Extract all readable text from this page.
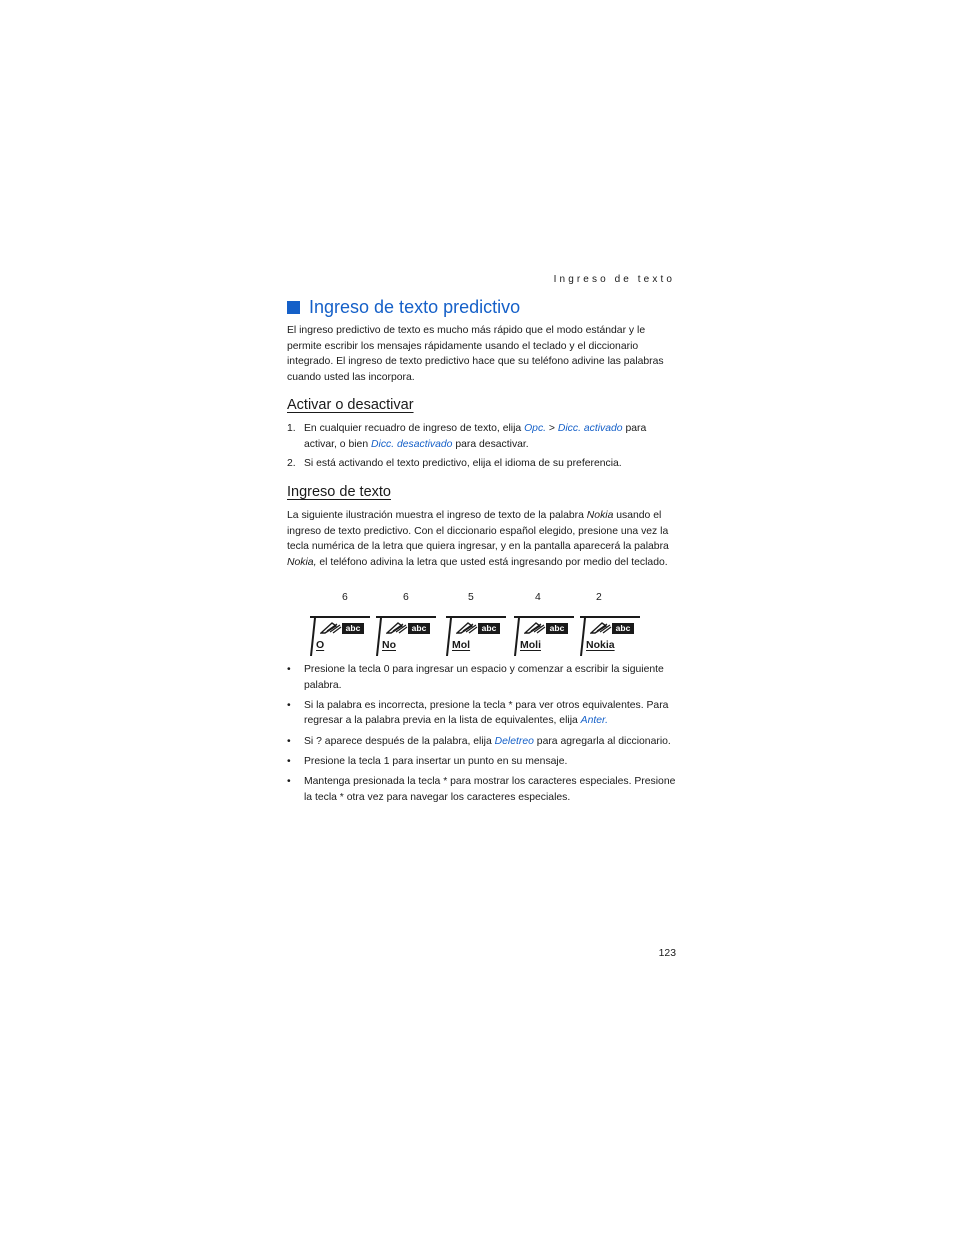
Ingreso de texto
Ingreso de texto predictivo

El ingreso predictivo de texto es mucho más rápido que el modo estándar y le permite escribir los mensajes rápidamente usando el teclado y el diccionario integrado. El ingreso de texto predictivo hace que su teléfono adivine las palabras cuando usted las incorpora.

Activar o desactivar
1. En cualquier recuadro de ingreso de texto, elija Opc. > Dicc. activado para activar, o bien Dicc. desactivado para desactivar.
2. Si está activando el texto predictivo, elija el idioma de su preferencia.
Ingreso de texto

La siguiente ilustración muestra el ingreso de texto de la palabra Nokia usando el ingreso de texto predictivo. Con el diccionario español elegido, presione una vez la tecla numérica de la letra que quiera ingresar, y en la pantalla aparecerá la palabra Nokia, el teléfono adivina la letra que usted está ingresando por medio del teclado.

6	6	5	4	2
abc
O
abc
No
abc
Mol
abc
Moli
abc
Nokia
• Presione la tecla 0 para ingresar un espacio y comenzar a escribir la siguiente palabra.
• Si la palabra es incorrecta, presione la tecla * para ver otros equivalentes. Para regresar a la palabra previa en la lista de equivalentes, elija Anter.
• Si ? aparece después de la palabra, elija Deletreo para agregarla al diccionario.
• Presione la tecla 1 para insertar un punto en su mensaje.
• Mantenga presionada la tecla * para mostrar los caracteres especiales. Presione la tecla * otra vez para navegar los caracteres especiales.
123
